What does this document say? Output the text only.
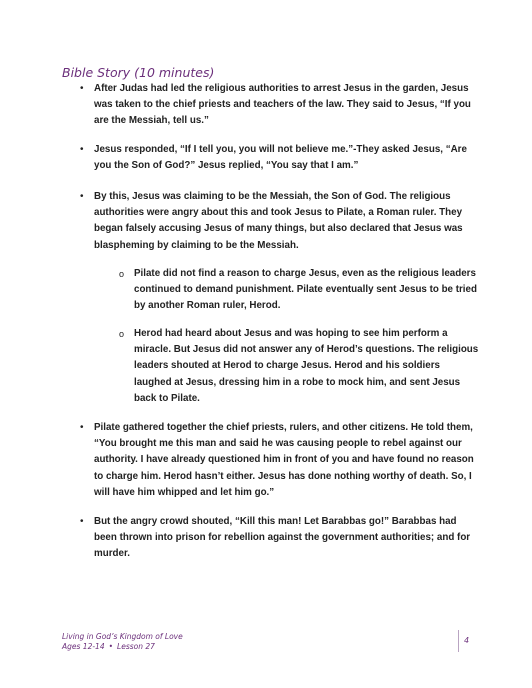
Bible Story (10 minutes)
• After Judas had led the religious authorities to arrest Jesus in the garden, Jesus was taken to the chief priests and teachers of the law. They said to Jesus, “If you are the Messiah, tell us.”
• Jesus responded, “If I tell you, you will not believe me.”-They asked Jesus, “Are you the Son of God?” Jesus replied, “You say that I am.”
• By this, Jesus was claiming to be the Messiah, the Son of God. The religious authorities were angry about this and took Jesus to Pilate, a Roman ruler. They began falsely accusing Jesus of many things, but also declared that Jesus was blaspheming by claiming to be the Messiah.
o Pilate did not find a reason to charge Jesus, even as the religious leaders continued to demand punishment. Pilate eventually sent Jesus to be tried by another Roman ruler, Herod.
o Herod had heard about Jesus and was hoping to see him perform a miracle. But Jesus did not answer any of Herod’s questions. The religious leaders shouted at Herod to charge Jesus. Herod and his soldiers laughed at Jesus, dressing him in a robe to mock him, and sent Jesus back to Pilate.
• Pilate gathered together the chief priests, rulers, and other citizens. He told them, “You brought me this man and said he was causing people to rebel against our authority. I have already questioned him in front of you and have found no reason to charge him. Herod hasn’t either. Jesus has done nothing worthy of death. So, I will have him whipped and let him go.”
• But the angry crowd shouted, “Kill this man! Let Barabbas go!” Barabbas had been thrown into prison for rebellion against the government authorities; and for murder.
Living in God’s Kingdom of Love
Ages 12-14 • Lesson 27
4
